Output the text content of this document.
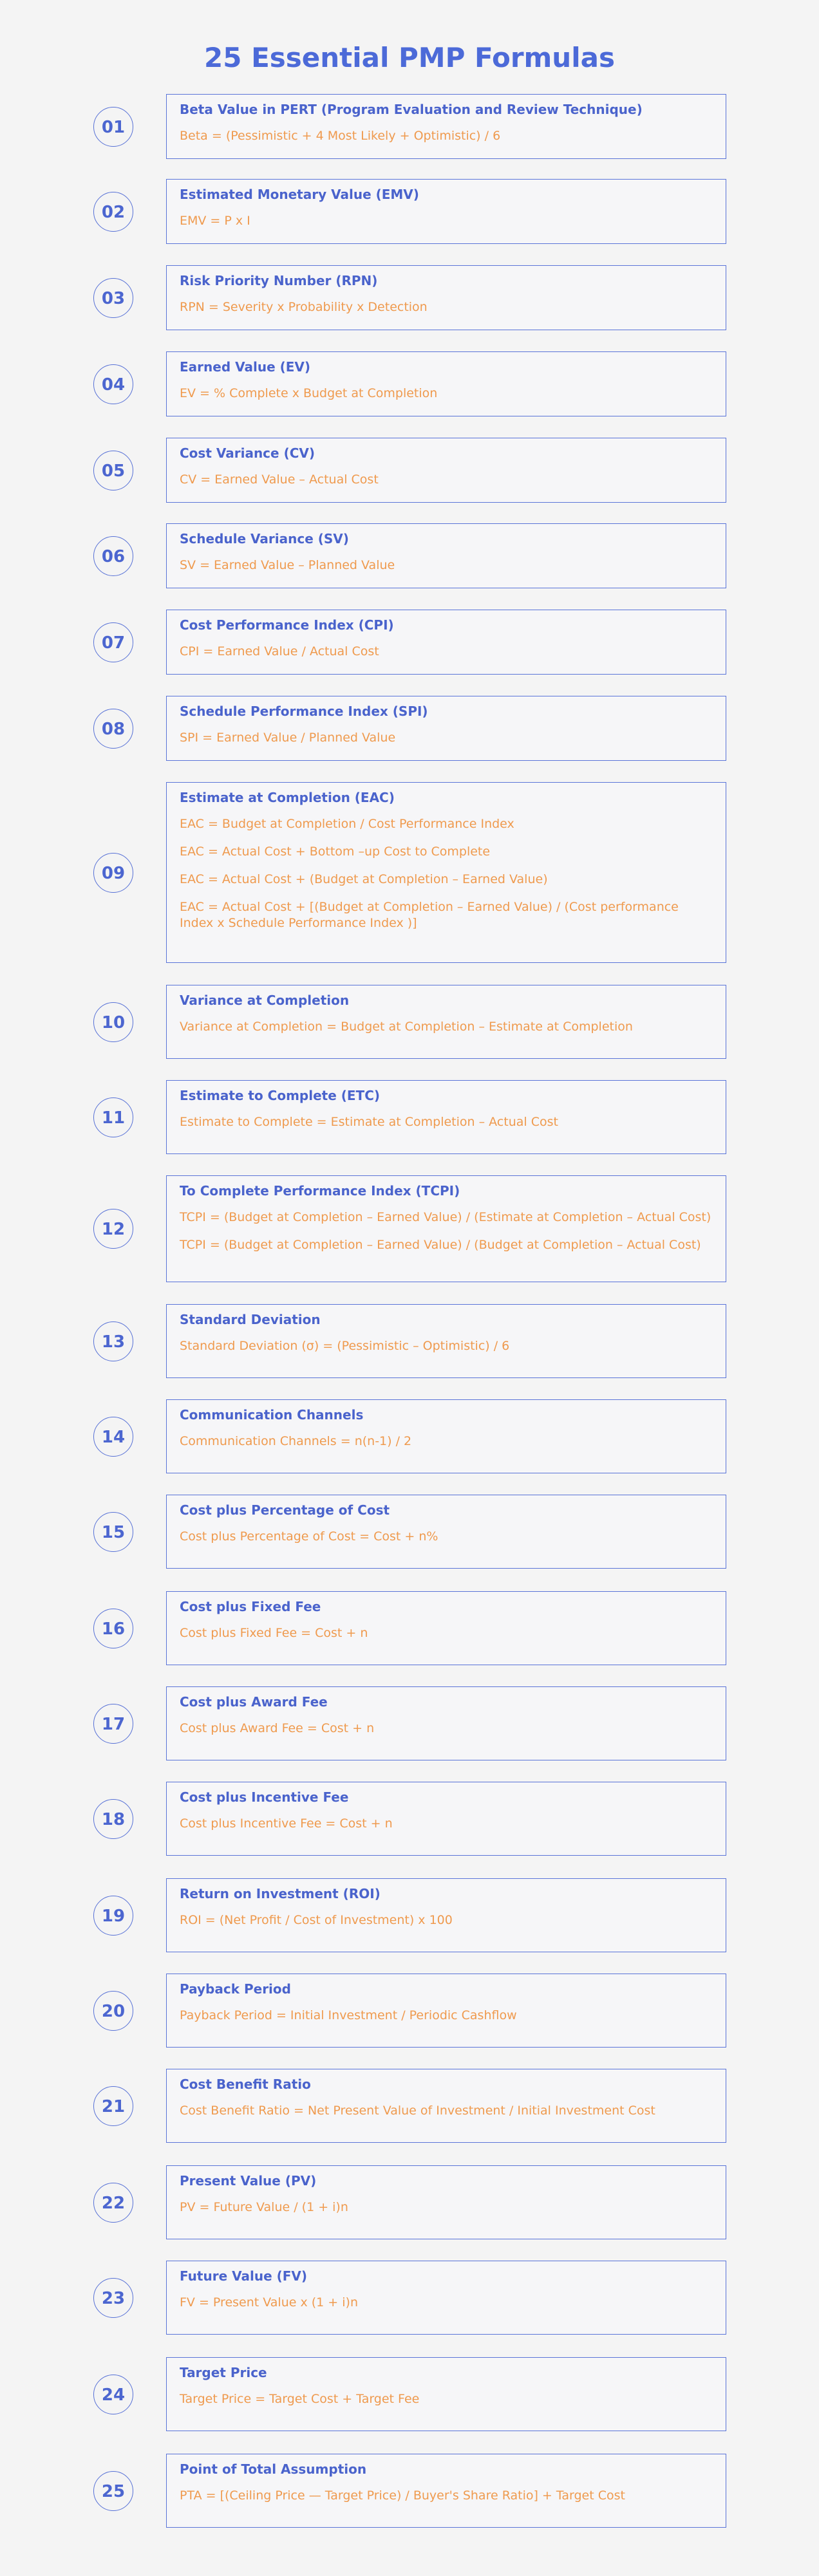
25 Essential PMP Formulas
01
Beta Value in PERT (Program Evaluation and Review Technique)
Beta = (Pessimistic + 4 Most Likely + Optimistic) / 6
02
Estimated Monetary Value (EMV)
EMV = P x I
03
Risk Priority Number (RPN)
RPN = Severity x Probability x Detection
04
Earned Value (EV)
EV = % Complete x Budget at Completion
05
Cost Variance (CV)
CV = Earned Value – Actual Cost
06
Schedule Variance (SV)
SV = Earned Value – Planned Value
07
Cost Performance Index (CPI)
CPI = Earned Value / Actual Cost
08
Schedule Performance Index (SPI)
SPI = Earned Value / Planned Value
09
Estimate at Completion (EAC)
EAC = Budget at Completion / Cost Performance Index
EAC = Actual Cost + Bottom –up Cost to Complete
EAC = Actual Cost + (Budget at Completion – Earned Value)
EAC = Actual Cost + [(Budget at Completion – Earned Value) / (Cost performance Index x Schedule Performance Index )]
10
Variance at Completion
Variance at Completion = Budget at Completion – Estimate at Completion
11
Estimate to Complete (ETC)
Estimate to Complete = Estimate at Completion – Actual Cost
12
To Complete Performance Index (TCPI)
TCPI = (Budget at Completion – Earned Value) / (Estimate at Completion – Actual Cost)
TCPI = (Budget at Completion – Earned Value) / (Budget at Completion – Actual Cost)
13
Standard Deviation
Standard Deviation (σ) = (Pessimistic – Optimistic) / 6
14
Communication Channels
Communication Channels = n(n-1) / 2
15
Cost plus Percentage of Cost
Cost plus Percentage of Cost = Cost + n%
16
Cost plus Fixed Fee
Cost plus Fixed Fee = Cost + n
17
Cost plus Award Fee
Cost plus Award Fee = Cost + n
18
Cost plus Incentive Fee
Cost plus Incentive Fee = Cost + n
19
Return on Investment (ROI)
ROI = (Net Profit / Cost of Investment) x 100
20
Payback Period
Payback Period = Initial Investment / Periodic Cashflow
21
Cost Benefit Ratio
Cost Benefit Ratio = Net Present Value of Investment / Initial Investment Cost
22
Present Value (PV)
PV = Future Value / (1 + i)n
23
Future Value (FV)
FV = Present Value x (1 + i)n
24
Target Price
Target Price = Target Cost + Target Fee
25
Point of Total Assumption
PTA = [(Ceiling Price — Target Price) / Buyer's Share Ratio] + Target Cost
